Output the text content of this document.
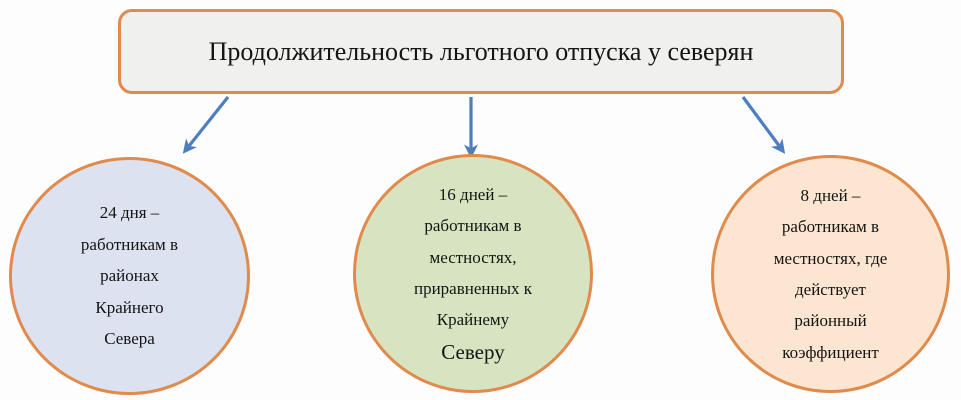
Продолжительность льготного отпуска у северян
24 дня –
работникам в
районах
Крайнего
Севера
16 дней –
работникам в
местностях,
приравненных к
Крайнему
Северу
8 дней –
работникам в
местностях, где
действует
районный
коэффициент
